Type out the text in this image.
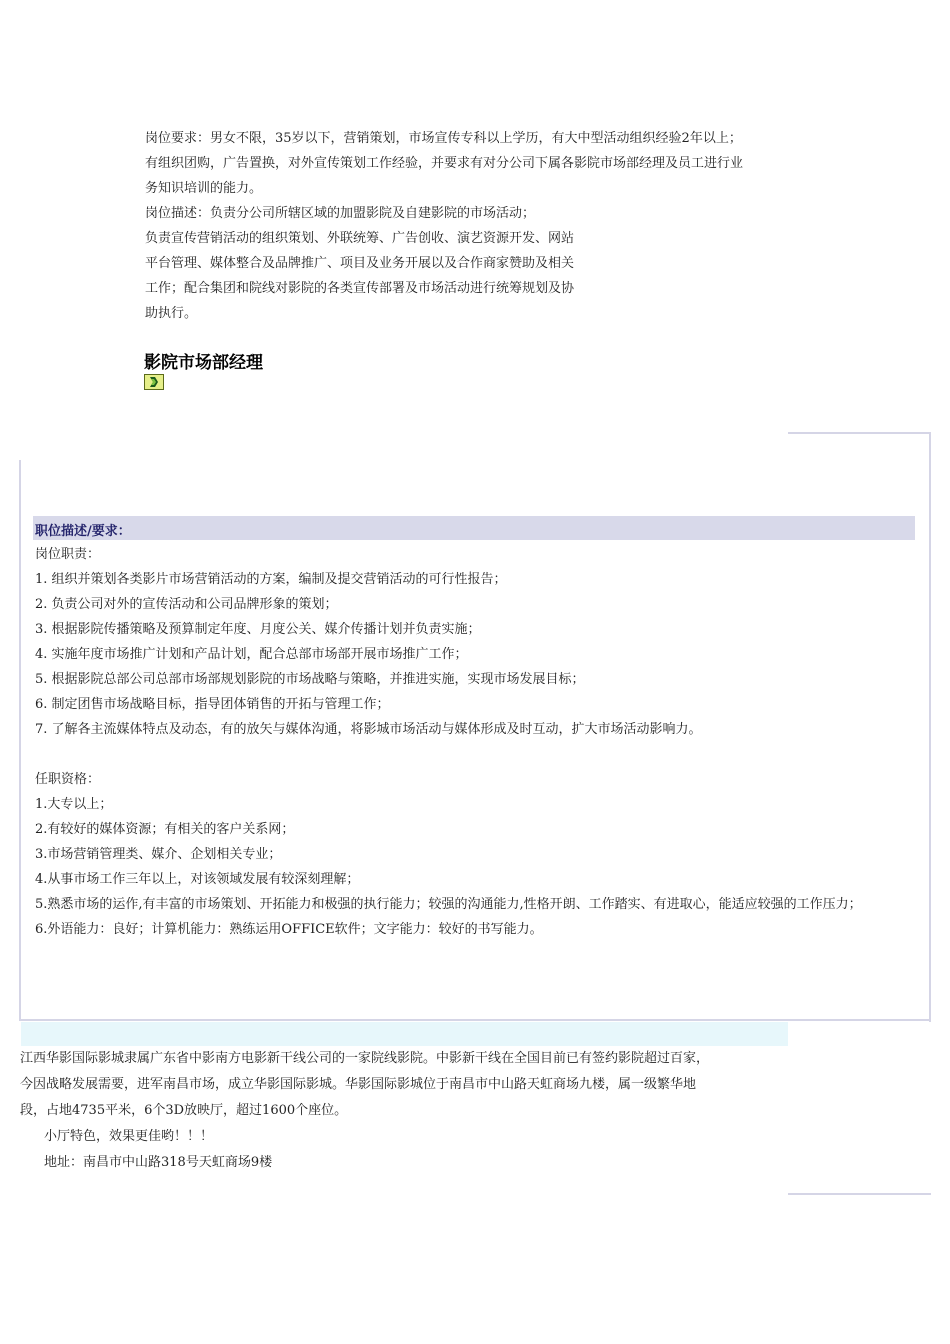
岗位要求：男女不限，35岁以下，营销策划，市场宣传专科以上学历，有大中型活动组织经验2年以上；
有组织团购，广告置换，对外宣传策划工作经验，并要求有对分公司下属各影院市场部经理及员工进行业
务知识培训的能力。
岗位描述：负责分公司所辖区域的加盟影院及自建影院的市场活动；
负责宣传营销活动的组织策划、外联统筹、广告创收、演艺资源开发、网站
平台管理、媒体整合及品牌推广、项目及业务开展以及合作商家赞助及相关
工作；配合集团和院线对影院的各类宣传部署及市场活动进行统筹规划及协
助执行。
影院市场部经理
职位描述/要求：
岗位职责：
1. 组织并策划各类影片市场营销活动的方案，编制及提交营销活动的可行性报告；
2. 负责公司对外的宣传活动和公司品牌形象的策划；
3. 根据影院传播策略及预算制定年度、月度公关、媒介传播计划并负责实施；
4. 实施年度市场推广计划和产品计划，配合总部市场部开展市场推广工作；
5. 根据影院总部公司总部市场部规划影院的市场战略与策略，并推进实施，实现市场发展目标；
6. 制定团售市场战略目标，指导团体销售的开拓与管理工作；
7. 了解各主流媒体特点及动态，有的放矢与媒体沟通，将影城市场活动与媒体形成及时互动，扩大市场活动影响力。
任职资格：
1.大专以上；
2.有较好的媒体资源；有相关的客户关系网；
3.市场营销管理类、媒介、企划相关专业；
4.从事市场工作三年以上，对该领域发展有较深刻理解；
5.熟悉市场的运作,有丰富的市场策划、开拓能力和极强的执行能力；较强的沟通能力,性格开朗、工作踏实、有进取心，能适应较强的工作压力；
6.外语能力：良好；计算机能力：熟练运用OFFICE软件；文字能力：较好的书写能力。
江西华影国际影城隶属广东省中影南方电影新干线公司的一家院线影院。中影新干线在全国目前已有签约影院超过百家，
今因战略发展需要，进军南昌市场，成立华影国际影城。华影国际影城位于南昌市中山路天虹商场九楼，属一级繁华地
段，占地4735平米，6个3D放映厅，超过1600个座位。
小厅特色，效果更佳哟！！！
地址：南昌市中山路318号天虹商场9楼
